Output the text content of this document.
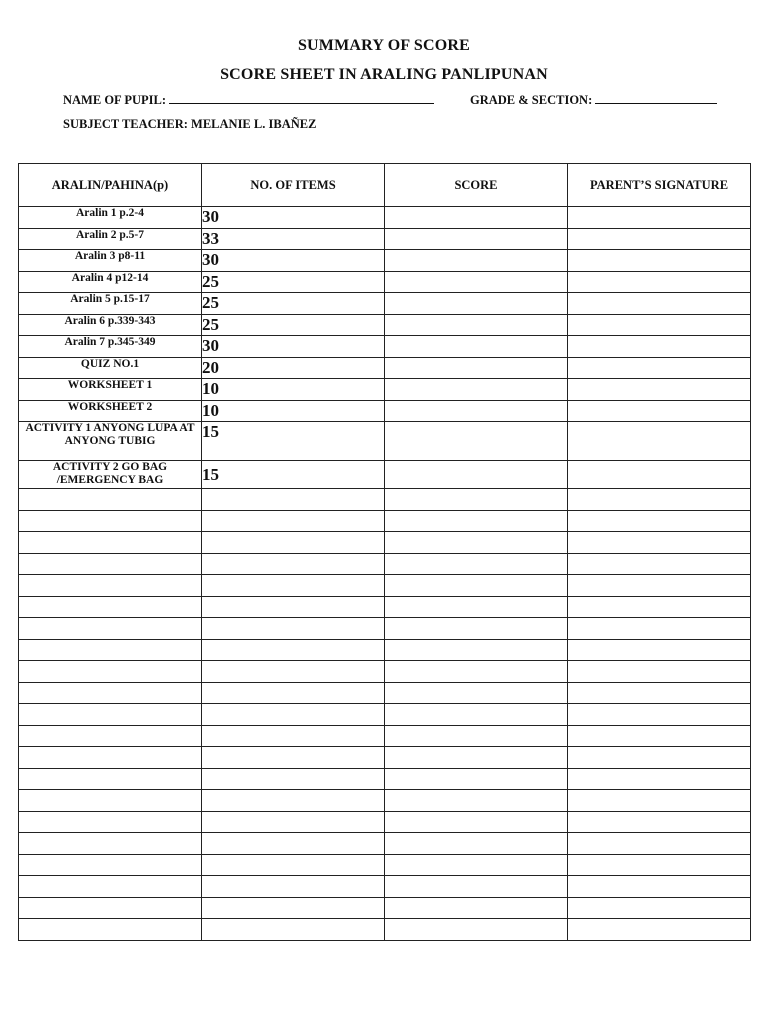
SUMMARY OF SCORE
SCORE SHEET IN ARALING PANLIPUNAN
NAME OF PUPIL:	GRADE & SECTION:
SUBJECT TEACHER: MELANIE L. IBAÑEZ
ARALIN/PAHINA(p)	NO. OF ITEMS	SCORE	PARENT’S SIGNATURE
Aralin 1 p.2-4	30		
Aralin 2 p.5-7	33		
Aralin 3 p8-11	30		
Aralin 4 p12-14	25		
Aralin 5 p.15-17	25		
Aralin 6 p.339-343	25		
Aralin 7 p.345-349	30		
QUIZ NO.1	20		
WORKSHEET 1	10		
WORKSHEET 2	10		
ACTIVITY 1 ANYONG LUPA AT ANYONG TUBIG	15		
ACTIVITY 2 GO BAG /EMERGENCY BAG	15		
